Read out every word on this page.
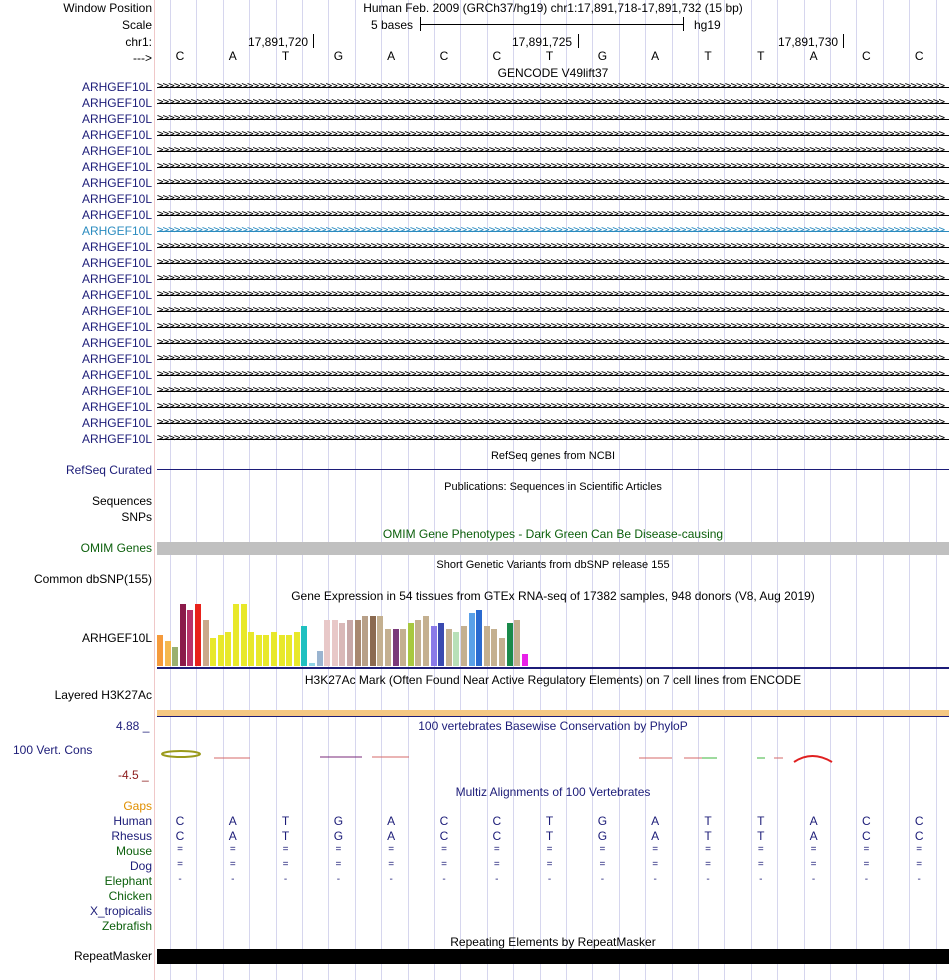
Window Position	Human Feb. 2009 (GRCh37/hg19) chr1:17,891,718-17,891,732 (15 bp)
Scale	5 bases	hg19
chr1:	17,891,720	17,891,725	17,891,730
--->	C	A	T	G	A	C	C	T	G	A	T	T	A	C	C
GENCODE V49lift37
ARHGEF10L >>>>>>>>>>>>>>>>>>>>>>>>>>>>>>>>>>>>>>>>>>>>>>>>>>>>>>>>>>>>>>>>>>>>>>>>>>>>>>>>>>>>>>>>>>>>>>>>>>>>>>>>>>>>>>>>>>>>>>>>>>>>>>>>>>>>>>>>>>>>
ARHGEF10L >>>>>>>>>>>>>>>>>>>>>>>>>>>>>>>>>>>>>>>>>>>>>>>>>>>>>>>>>>>>>>>>>>>>>>>>>>>>>>>>>>>>>>>>>>>>>>>>>>>>>>>>>>>>>>>>>>>>>>>>>>>>>>>>>>>>>>>>>>>>
ARHGEF10L >>>>>>>>>>>>>>>>>>>>>>>>>>>>>>>>>>>>>>>>>>>>>>>>>>>>>>>>>>>>>>>>>>>>>>>>>>>>>>>>>>>>>>>>>>>>>>>>>>>>>>>>>>>>>>>>>>>>>>>>>>>>>>>>>>>>>>>>>>>>
ARHGEF10L >>>>>>>>>>>>>>>>>>>>>>>>>>>>>>>>>>>>>>>>>>>>>>>>>>>>>>>>>>>>>>>>>>>>>>>>>>>>>>>>>>>>>>>>>>>>>>>>>>>>>>>>>>>>>>>>>>>>>>>>>>>>>>>>>>>>>>>>>>>>
ARHGEF10L >>>>>>>>>>>>>>>>>>>>>>>>>>>>>>>>>>>>>>>>>>>>>>>>>>>>>>>>>>>>>>>>>>>>>>>>>>>>>>>>>>>>>>>>>>>>>>>>>>>>>>>>>>>>>>>>>>>>>>>>>>>>>>>>>>>>>>>>>>>>
ARHGEF10L >>>>>>>>>>>>>>>>>>>>>>>>>>>>>>>>>>>>>>>>>>>>>>>>>>>>>>>>>>>>>>>>>>>>>>>>>>>>>>>>>>>>>>>>>>>>>>>>>>>>>>>>>>>>>>>>>>>>>>>>>>>>>>>>>>>>>>>>>>>>
ARHGEF10L >>>>>>>>>>>>>>>>>>>>>>>>>>>>>>>>>>>>>>>>>>>>>>>>>>>>>>>>>>>>>>>>>>>>>>>>>>>>>>>>>>>>>>>>>>>>>>>>>>>>>>>>>>>>>>>>>>>>>>>>>>>>>>>>>>>>>>>>>>>>
ARHGEF10L >>>>>>>>>>>>>>>>>>>>>>>>>>>>>>>>>>>>>>>>>>>>>>>>>>>>>>>>>>>>>>>>>>>>>>>>>>>>>>>>>>>>>>>>>>>>>>>>>>>>>>>>>>>>>>>>>>>>>>>>>>>>>>>>>>>>>>>>>>>>
ARHGEF10L >>>>>>>>>>>>>>>>>>>>>>>>>>>>>>>>>>>>>>>>>>>>>>>>>>>>>>>>>>>>>>>>>>>>>>>>>>>>>>>>>>>>>>>>>>>>>>>>>>>>>>>>>>>>>>>>>>>>>>>>>>>>>>>>>>>>>>>>>>>>
ARHGEF10L >>>>>>>>>>>>>>>>>>>>>>>>>>>>>>>>>>>>>>>>>>>>>>>>>>>>>>>>>>>>>>>>>>>>>>>>>>>>>>>>>>>>>>>>>>>>>>>>>>>>>>>>>>>>>>>>>>>>>>>>>>>>>>>>>>>>>>>>>>>>
ARHGEF10L >>>>>>>>>>>>>>>>>>>>>>>>>>>>>>>>>>>>>>>>>>>>>>>>>>>>>>>>>>>>>>>>>>>>>>>>>>>>>>>>>>>>>>>>>>>>>>>>>>>>>>>>>>>>>>>>>>>>>>>>>>>>>>>>>>>>>>>>>>>>
ARHGEF10L >>>>>>>>>>>>>>>>>>>>>>>>>>>>>>>>>>>>>>>>>>>>>>>>>>>>>>>>>>>>>>>>>>>>>>>>>>>>>>>>>>>>>>>>>>>>>>>>>>>>>>>>>>>>>>>>>>>>>>>>>>>>>>>>>>>>>>>>>>>>
ARHGEF10L >>>>>>>>>>>>>>>>>>>>>>>>>>>>>>>>>>>>>>>>>>>>>>>>>>>>>>>>>>>>>>>>>>>>>>>>>>>>>>>>>>>>>>>>>>>>>>>>>>>>>>>>>>>>>>>>>>>>>>>>>>>>>>>>>>>>>>>>>>>>
ARHGEF10L >>>>>>>>>>>>>>>>>>>>>>>>>>>>>>>>>>>>>>>>>>>>>>>>>>>>>>>>>>>>>>>>>>>>>>>>>>>>>>>>>>>>>>>>>>>>>>>>>>>>>>>>>>>>>>>>>>>>>>>>>>>>>>>>>>>>>>>>>>>>
ARHGEF10L >>>>>>>>>>>>>>>>>>>>>>>>>>>>>>>>>>>>>>>>>>>>>>>>>>>>>>>>>>>>>>>>>>>>>>>>>>>>>>>>>>>>>>>>>>>>>>>>>>>>>>>>>>>>>>>>>>>>>>>>>>>>>>>>>>>>>>>>>>>>
ARHGEF10L >>>>>>>>>>>>>>>>>>>>>>>>>>>>>>>>>>>>>>>>>>>>>>>>>>>>>>>>>>>>>>>>>>>>>>>>>>>>>>>>>>>>>>>>>>>>>>>>>>>>>>>>>>>>>>>>>>>>>>>>>>>>>>>>>>>>>>>>>>>>
ARHGEF10L >>>>>>>>>>>>>>>>>>>>>>>>>>>>>>>>>>>>>>>>>>>>>>>>>>>>>>>>>>>>>>>>>>>>>>>>>>>>>>>>>>>>>>>>>>>>>>>>>>>>>>>>>>>>>>>>>>>>>>>>>>>>>>>>>>>>>>>>>>>>
ARHGEF10L >>>>>>>>>>>>>>>>>>>>>>>>>>>>>>>>>>>>>>>>>>>>>>>>>>>>>>>>>>>>>>>>>>>>>>>>>>>>>>>>>>>>>>>>>>>>>>>>>>>>>>>>>>>>>>>>>>>>>>>>>>>>>>>>>>>>>>>>>>>>
ARHGEF10L >>>>>>>>>>>>>>>>>>>>>>>>>>>>>>>>>>>>>>>>>>>>>>>>>>>>>>>>>>>>>>>>>>>>>>>>>>>>>>>>>>>>>>>>>>>>>>>>>>>>>>>>>>>>>>>>>>>>>>>>>>>>>>>>>>>>>>>>>>>>
ARHGEF10L >>>>>>>>>>>>>>>>>>>>>>>>>>>>>>>>>>>>>>>>>>>>>>>>>>>>>>>>>>>>>>>>>>>>>>>>>>>>>>>>>>>>>>>>>>>>>>>>>>>>>>>>>>>>>>>>>>>>>>>>>>>>>>>>>>>>>>>>>>>>
ARHGEF10L >>>>>>>>>>>>>>>>>>>>>>>>>>>>>>>>>>>>>>>>>>>>>>>>>>>>>>>>>>>>>>>>>>>>>>>>>>>>>>>>>>>>>>>>>>>>>>>>>>>>>>>>>>>>>>>>>>>>>>>>>>>>>>>>>>>>>>>>>>>>
ARHGEF10L >>>>>>>>>>>>>>>>>>>>>>>>>>>>>>>>>>>>>>>>>>>>>>>>>>>>>>>>>>>>>>>>>>>>>>>>>>>>>>>>>>>>>>>>>>>>>>>>>>>>>>>>>>>>>>>>>>>>>>>>>>>>>>>>>>>>>>>>>>>>
ARHGEF10L >>>>>>>>>>>>>>>>>>>>>>>>>>>>>>>>>>>>>>>>>>>>>>>>>>>>>>>>>>>>>>>>>>>>>>>>>>>>>>>>>>>>>>>>>>>>>>>>>>>>>>>>>>>>>>>>>>>>>>>>>>>>>>>>>>>>>>>>>>>>
RefSeq genes from NCBI
RefSeq Curated
Publications: Sequences in Scientific Articles
Sequences
SNPs
OMIM Gene Phenotypes - Dark Green Can Be Disease-causing
OMIM Genes
Short Genetic Variants from dbSNP release 155
Common dbSNP(155)
Gene Expression in 54 tissues from GTEx RNA-seq of 17382 samples, 948 donors (V8, Aug 2019)
ARHGEF10L
H3K27Ac Mark (Often Found Near Active Regulatory Elements) on 7 cell lines from ENCODE
Layered H3K27Ac
100 vertebrates Basewise Conservation by PhyloP
4.88 _
100 Vert. Cons
-4.5 _
Multiz Alignments of 100 Vertebrates
Gaps
Human	C	A	T	G	A	C	C	T	G	A	T	T	A	C	C
Rhesus	C	A	T	G	A	C	C	T	G	A	T	T	A	C	C
Mouse	=	=	=	=	=	=	=	=	=	=	=	=	=	=	=
Dog	=	=	=	=	=	=	=	=	=	=	=	=	=	=	=
Elephant	-	-	-	-	-	-	-	-	-	-	-	-	-	-	-
Chicken
X_tropicalis
Zebrafish
Repeating Elements by RepeatMasker
RepeatMasker
